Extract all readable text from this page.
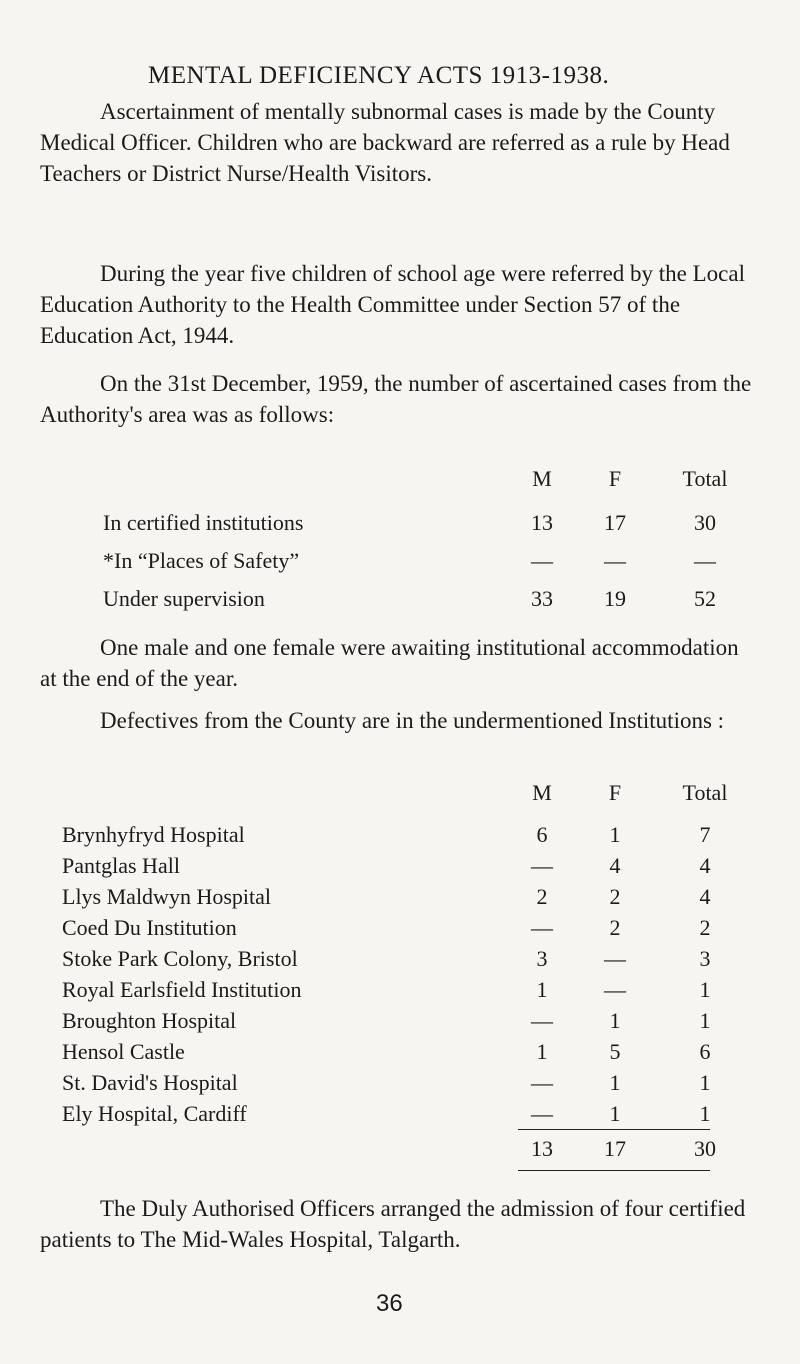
MENTAL DEFICIENCY ACTS 1913-1938.
Ascertainment of mentally subnormal cases is made by the County Medical Officer. Children who are backward are referred as a rule by Head Teachers or District Nurse/Health Visitors.
During the year five children of school age were referred by the Local Education Authority to the Health Committee under Section 57 of the Education Act, 1944.
On the 31st December, 1959, the number of ascertained cases from the Authority's area was as follows:
M	F	Total
In certified institutions	13	17	30
*In “Places of Safety”	—	—	—
Under supervision	33	19	52
One male and one female were awaiting institutional accommodation at the end of the year.
Defectives from the County are in the undermentioned Institutions :
M	F	Total
Brynhyfryd Hospital	6	1	7
Pantglas Hall	—	4	4
Llys Maldwyn Hospital	2	2	4
Coed Du Institution	—	2	2
Stoke Park Colony, Bristol	3	—	3
Royal Earlsfield Institution	1	—	1
Broughton Hospital	—	1	1
Hensol Castle	1	5	6
St. David's Hospital	—	1	1
Ely Hospital, Cardiff	—	1	1
13	17	30
The Duly Authorised Officers arranged the admission of four certified patients to The Mid-Wales Hospital, Talgarth.
36
